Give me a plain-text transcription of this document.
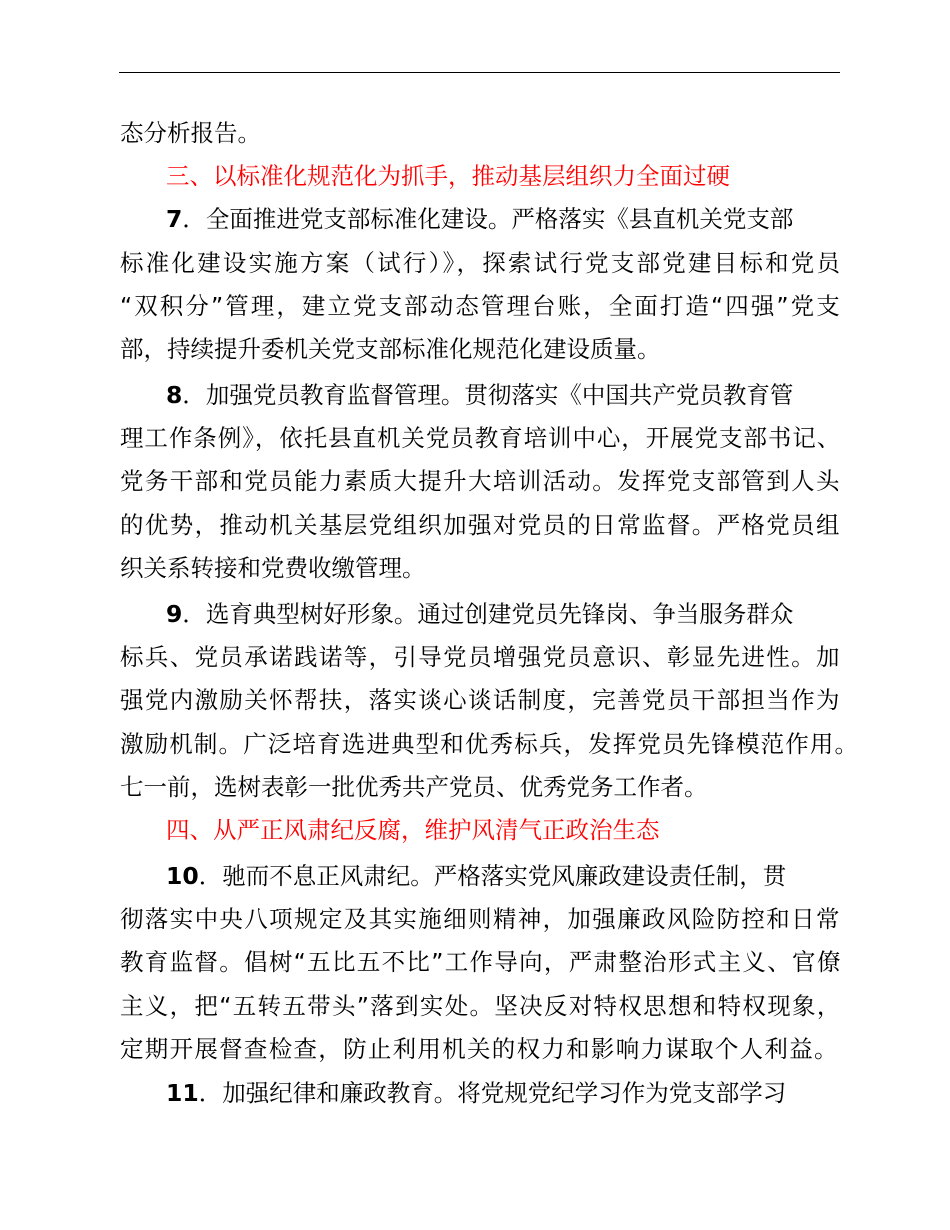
态分析报告。
三、以标准化规范化为抓手，推动基层组织力全面过硬
7．全面推进党支部标准化建设。严格落实《县直机关党支部
标准化建设实施方案（试行）》，探索试行党支部党建目标和党员
“双积分”管理，建立党支部动态管理台账，全面打造“四强”党支
部，持续提升委机关党支部标准化规范化建设质量。
8．加强党员教育监督管理。贯彻落实《中国共产党员教育管
理工作条例》，依托县直机关党员教育培训中心，开展党支部书记、
党务干部和党员能力素质大提升大培训活动。发挥党支部管到人头
的优势，推动机关基层党组织加强对党员的日常监督。严格党员组
织关系转接和党费收缴管理。
9．选育典型树好形象。通过创建党员先锋岗、争当服务群众
标兵、党员承诺践诺等，引导党员增强党员意识、彰显先进性。加
强党内激励关怀帮扶，落实谈心谈话制度，完善党员干部担当作为
激励机制。广泛培育选进典型和优秀标兵，发挥党员先锋模范作用。
七一前，选树表彰一批优秀共产党员、优秀党务工作者。
四、从严正风肃纪反腐，维护风清气正政治生态
10．驰而不息正风肃纪。严格落实党风廉政建设责任制，贯
彻落实中央八项规定及其实施细则精神，加强廉政风险防控和日常
教育监督。倡树“五比五不比”工作导向，严肃整治形式主义、官僚
主义，把“五转五带头”落到实处。坚决反对特权思想和特权现象，
定期开展督查检查，防止利用机关的权力和影响力谋取个人利益。
11．加强纪律和廉政教育。将党规党纪学习作为党支部学习
